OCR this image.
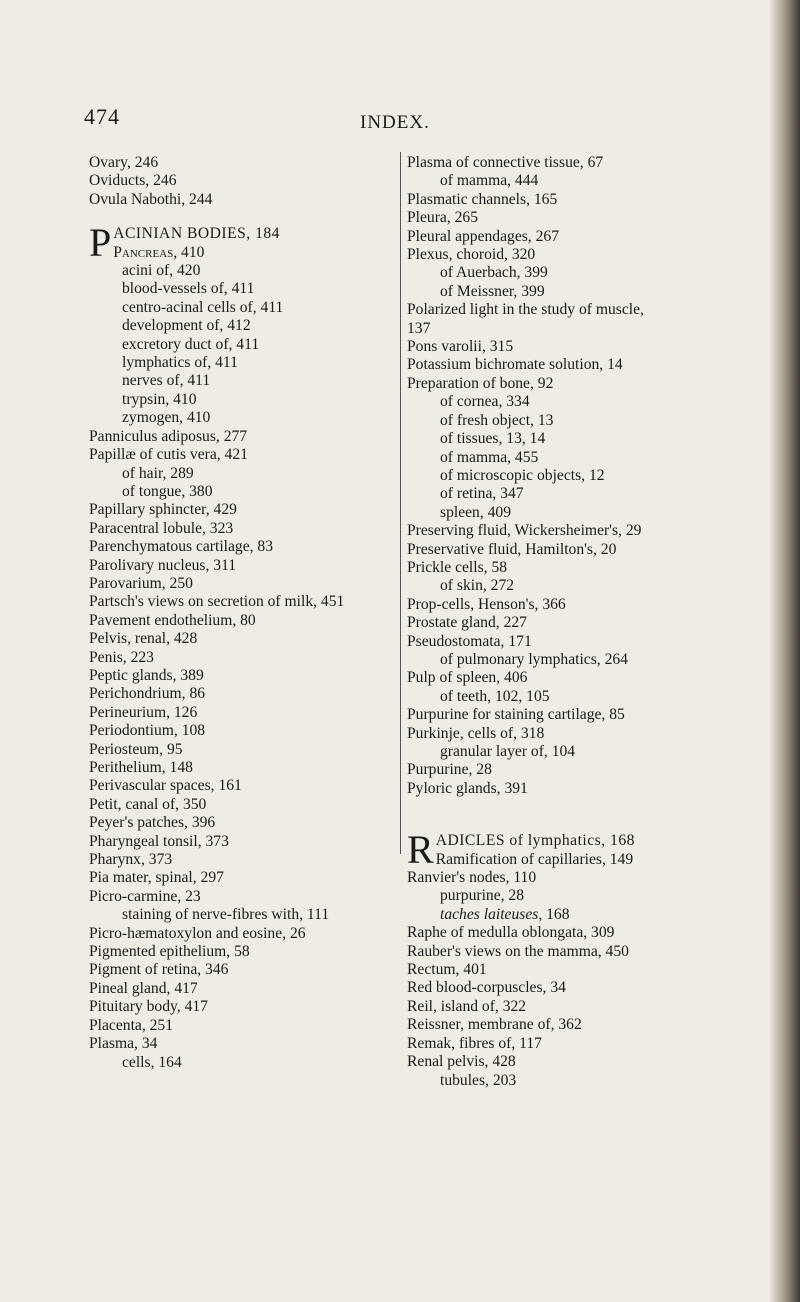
474	INDEX.
Ovary, 246
Oviducts, 246
Ovula Nabothi, 244
P ACINIAN BODIES, 184
Pancreas, 410
acini of, 420
blood-vessels of, 411
centro-acinal cells of, 411
development of, 412
excretory duct of, 411
lymphatics of, 411
nerves of, 411
trypsin, 410
zymogen, 410
Panniculus adiposus, 277
Papillæ of cutis vera, 421
of hair, 289
of tongue, 380
Papillary sphincter, 429
Paracentral lobule, 323
Parenchymatous cartilage, 83
Parolivary nucleus, 311
Parovarium, 250
Partsch's views on secretion of milk, 451
Pavement endothelium, 80
Pelvis, renal, 428
Penis, 223
Peptic glands, 389
Perichondrium, 86
Perineurium, 126
Periodontium, 108
Periosteum, 95
Perithelium, 148
Perivascular spaces, 161
Petit, canal of, 350
Peyer's patches, 396
Pharyngeal tonsil, 373
Pharynx, 373
Pia mater, spinal, 297
Picro-carmine, 23
staining of nerve-fibres with, 111
Picro-hæmatoxylon and eosine, 26
Pigmented epithelium, 58
Pigment of retina, 346
Pineal gland, 417
Pituitary body, 417
Placenta, 251
Plasma, 34
cells, 164
Plasma of connective tissue, 67
of mamma, 444
Plasmatic channels, 165
Pleura, 265
Pleural appendages, 267
Plexus, choroid, 320
of Auerbach, 399
of Meissner, 399
Polarized light in the study of muscle,
137
Pons varolii, 315
Potassium bichromate solution, 14
Preparation of bone, 92
of cornea, 334
of fresh object, 13
of tissues, 13, 14
of mamma, 455
of microscopic objects, 12
of retina, 347
spleen, 409
Preserving fluid, Wickersheimer's, 29
Preservative fluid, Hamilton's, 20
Prickle cells, 58
of skin, 272
Prop-cells, Henson's, 366
Prostate gland, 227
Pseudostomata, 171
of pulmonary lymphatics, 264
Pulp of spleen, 406
of teeth, 102, 105
Purpurine for staining cartilage, 85
Purkinje, cells of, 318
granular layer of, 104
Purpurine, 28
Pyloric glands, 391
R ADICLES of lymphatics, 168
Ramification of capillaries, 149
Ranvier's nodes, 110
purpurine, 28
taches laiteuses, 168
Raphe of medulla oblongata, 309
Rauber's views on the mamma, 450
Rectum, 401
Red blood-corpuscles, 34
Reil, island of, 322
Reissner, membrane of, 362
Remak, fibres of, 117
Renal pelvis, 428
tubules, 203
